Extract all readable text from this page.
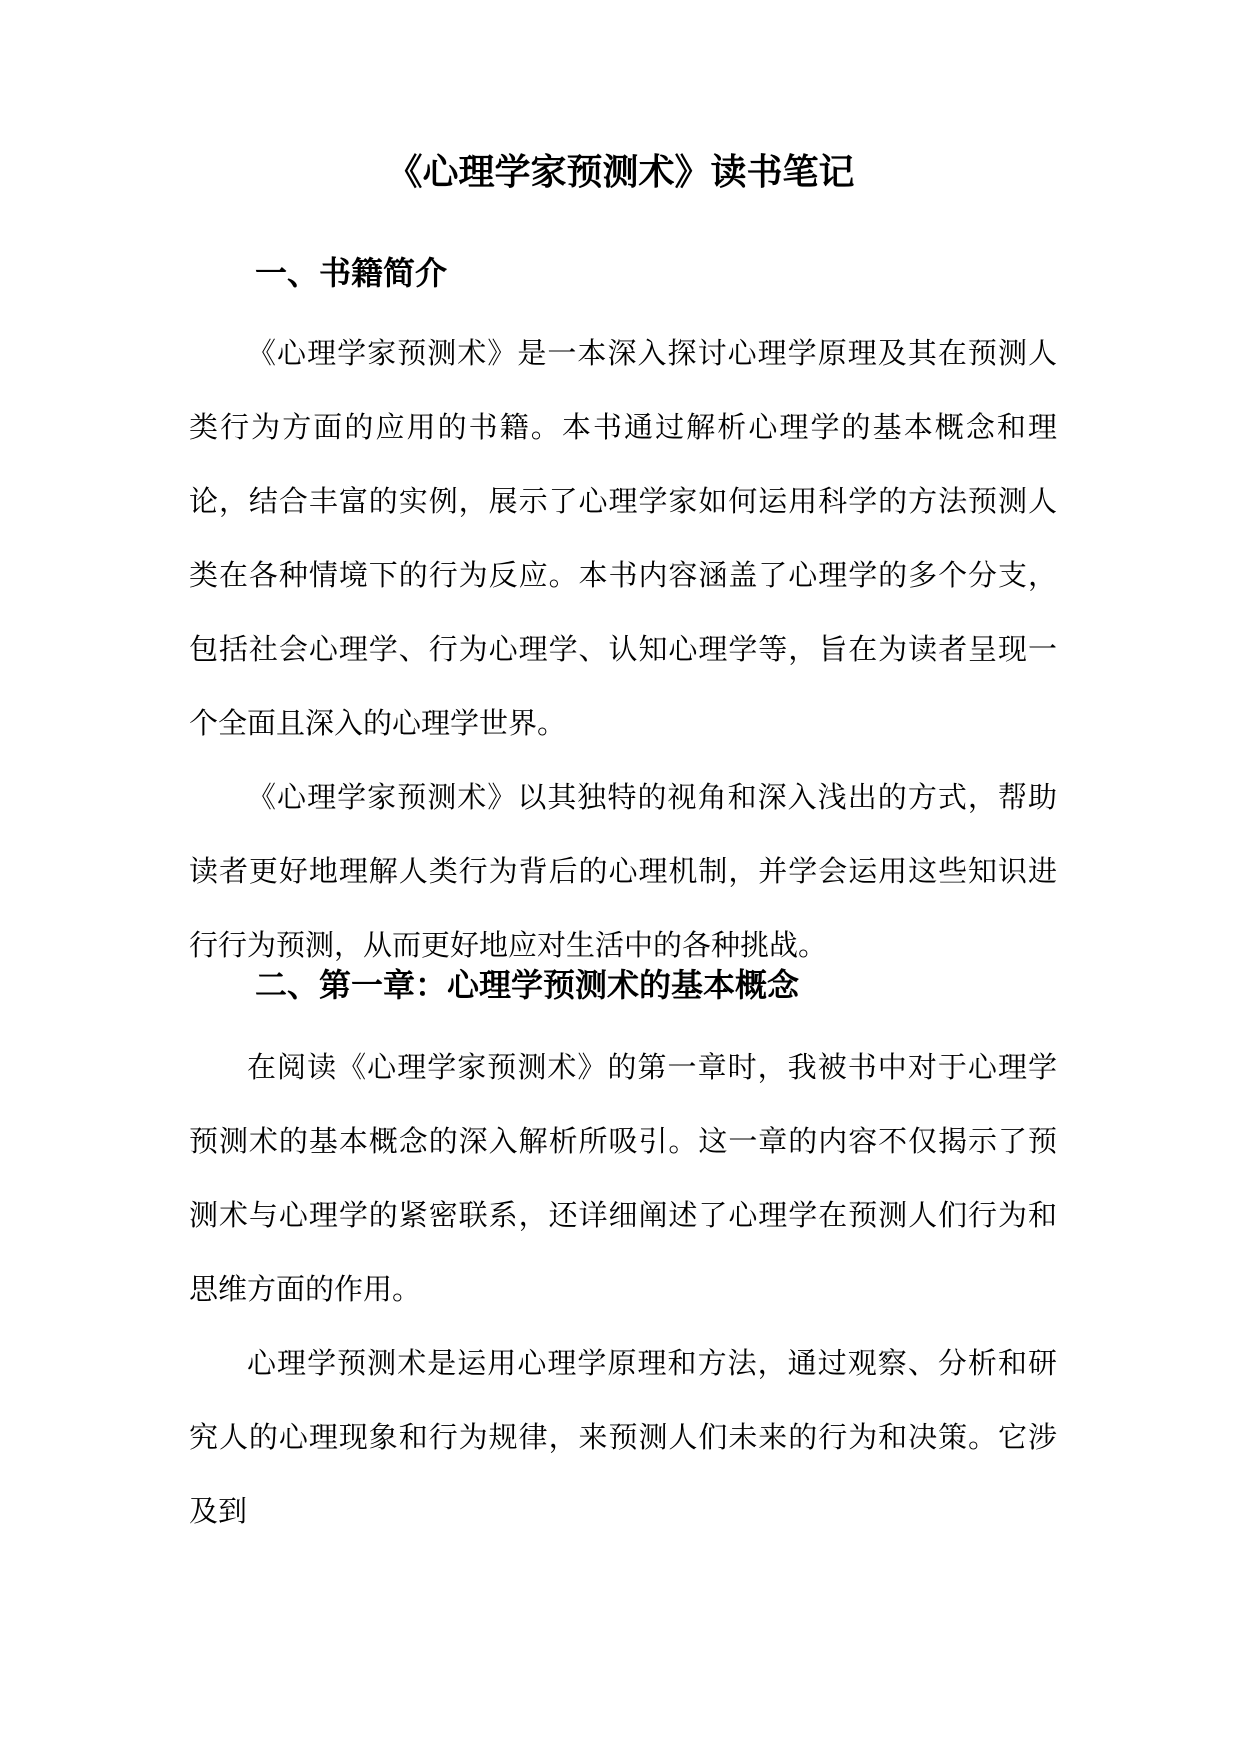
《心理学家预测术》读书笔记
一、书籍简介

《心理学家预测术》是一本深入探讨心理学原理及其在预测人类行为方面的应用的书籍。本书通过解析心理学的基本概念和理论，结合丰富的实例，展示了心理学家如何运用科学的方法预测人类在各种情境下的行为反应。本书内容涵盖了心理学的多个分支，包括社会心理学、行为心理学、认知心理学等，旨在为读者呈现一个全面且深入的心理学世界。

《心理学家预测术》以其独特的视角和深入浅出的方式，帮助读者更好地理解人类行为背后的心理机制，并学会运用这些知识进行行为预测，从而更好地应对生活中的各种挑战。

二、第一章：心理学预测术的基本概念

在阅读《心理学家预测术》的第一章时，我被书中对于心理学预测术的基本概念的深入解析所吸引。这一章的内容不仅揭示了预测术与心理学的紧密联系，还详细阐述了心理学在预测人们行为和思维方面的作用。

心理学预测术是运用心理学原理和方法，通过观察、分析和研究人的心理现象和行为规律，来预测人们未来的行为和决策。它涉及到
